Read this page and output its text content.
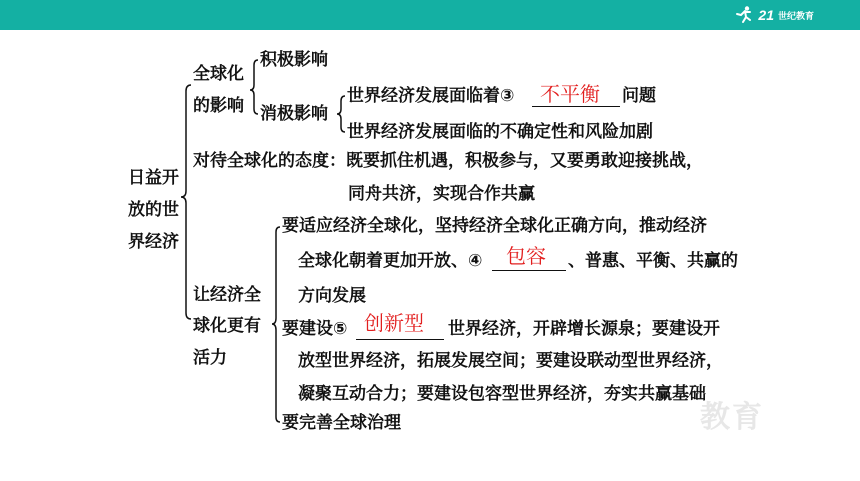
21 世纪教育
教育
日益开
放的世
界经济
全球化
的影响
积极影响
消极影响
世界经济发展面临着③ 不平衡 问题
世界经济发展面临的不确定性和风险加剧
对待全球化的态度：既要抓住机遇，积极参与，又要勇敢迎接挑战，
同舟共济，实现合作共赢
让经济全
球化更有
活力
要适应经济全球化，坚持经济全球化正确方向，推动经济
全球化朝着更加开放、④ 包容 、普惠、平衡、共赢的
方向发展
要建设⑤ 创新型 世界经济，开辟增长源泉；要建设开
放型世界经济，拓展发展空间；要建设联动型世界经济，
凝聚互动合力；要建设包容型世界经济，夯实共赢基础
要完善全球治理
